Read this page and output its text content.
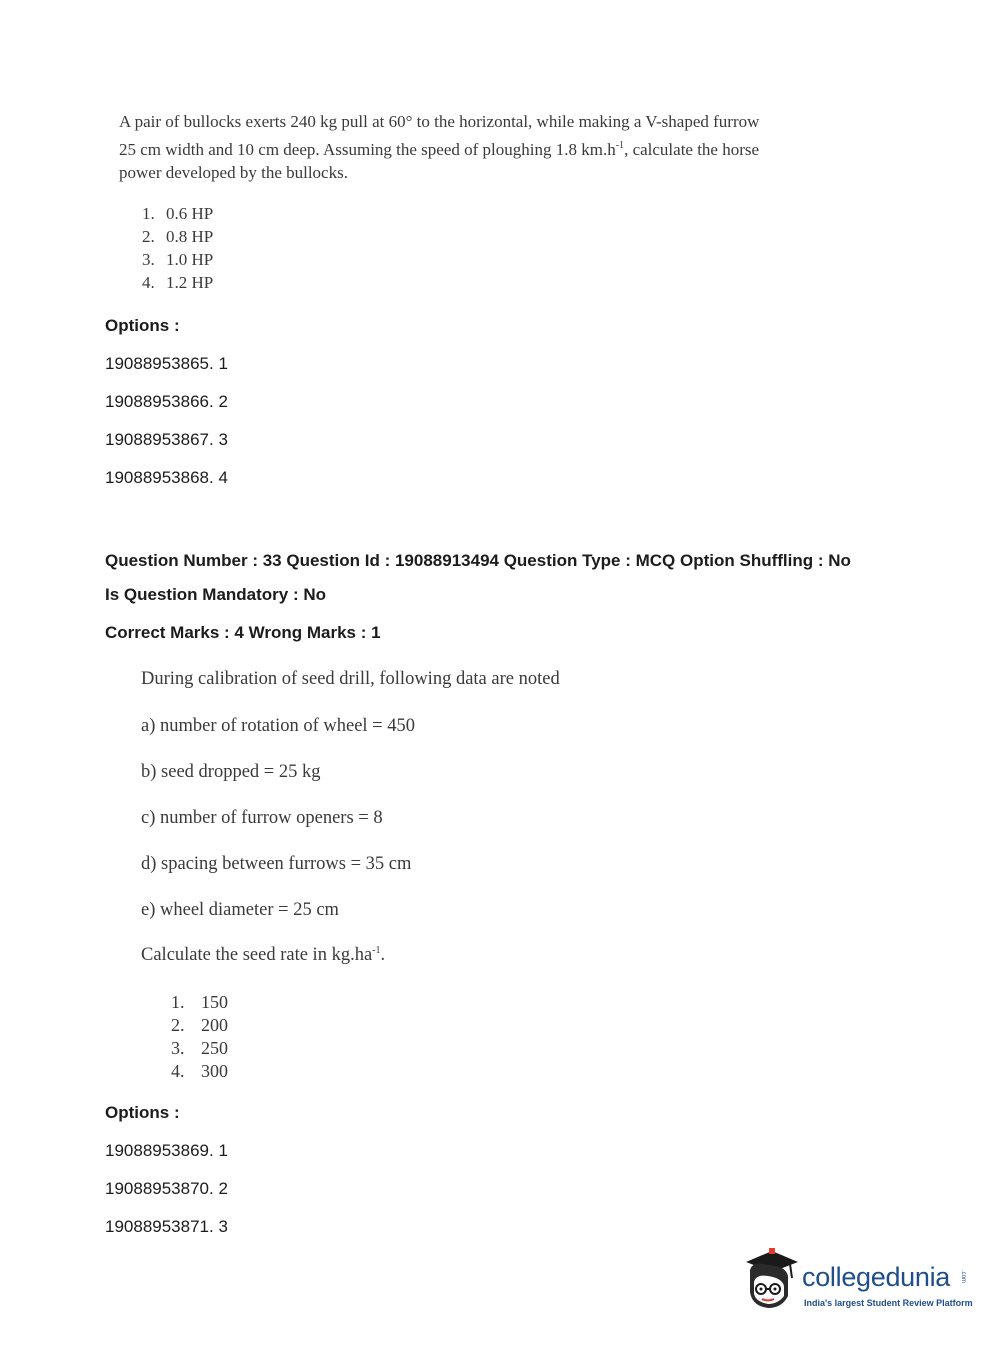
A pair of bullocks exerts 240 kg pull at 60° to the horizontal, while making a V-shaped furrow
25 cm width and 10 cm deep. Assuming the speed of ploughing 1.8 $km.h^{-1}$, calculate the horse
power developed by the bullocks.
1. 0.6 HP
2. 0.8 HP
3. 1.0 HP
4. 1.2 HP
Options :
19088953865. 1
19088953866. 2
19088953867. 3
19088953868. 4
Question Number : 33 Question Id : 19088913494 Question Type : MCQ Option Shuffling : No
Is Question Mandatory : No
Correct Marks : 4 Wrong Marks : 1
During calibration of seed drill, following data are noted
a) number of rotation of wheel = 450
b) seed dropped = 25 kg
c) number of furrow openers = 8
d) spacing between furrows = 35 cm
e) wheel diameter = 25 cm
Calculate the seed rate in $kg.ha^{-1}$.
1. 150
2. 200
3. 250
4. 300
Options :
19088953869. 1
19088953870. 2
19088953871. 3
collegedunia .com
India's largest Student Review Platform
